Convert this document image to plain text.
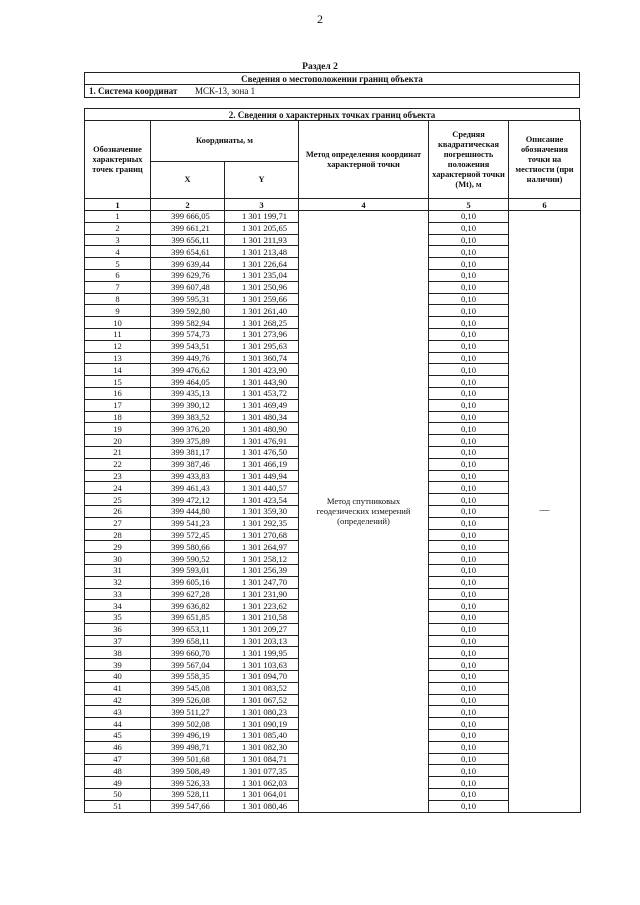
2
Раздел 2
Сведения о местоположении границ объекта
1. Система координат МСК-13, зона 1
2. Сведения о характерных точках границ объекта
Обозначение характерных точек границ	Координаты, м		Метод определения координат характерной точки	Средняя квадратическая погрешность положения характерной точки (Mt), м	Описание обозначения точки на местности (при наличии)
	X	Y			
1	2	3	4	5	6
1	399 666,05	1 301 199,71	Метод спутниковых геодезических измерений (определений)	0,10	—
2	399 661,21	1 301 205,65		0,10	
3	399 656,11	1 301 211,93		0,10	
4	399 654,61	1 301 213,48		0,10	
5	399 639,44	1 301 226,64		0,10	
6	399 629,76	1 301 235,04		0,10	
7	399 607,48	1 301 250,96		0,10	
8	399 595,31	1 301 259,66		0,10	
9	399 592,80	1 301 261,40		0,10	
10	399 582,94	1 301 268,25		0,10	
11	399 574,73	1 301 273,96		0,10	
12	399 543,51	1 301 295,63		0,10	
13	399 449,76	1 301 360,74		0,10	
14	399 476,62	1 301 423,90		0,10	
15	399 464,05	1 301 443,90		0,10	
16	399 435,13	1 301 453,72		0,10	
17	399 390,12	1 301 469,49		0,10	
18	399 383,52	1 301 480,34		0,10	
19	399 376,20	1 301 480,90		0,10	
20	399 375,89	1 301 476,91		0,10	
21	399 381,17	1 301 476,50		0,10	
22	399 387,46	1 301 466,19		0,10	
23	399 433,83	1 301 449,94		0,10	
24	399 461,43	1 301 440,57		0,10	
25	399 472,12	1 301 423,54		0,10	
26	399 444,80	1 301 359,30		0,10	
27	399 541,23	1 301 292,35		0,10	
28	399 572,45	1 301 270,68		0,10	
29	399 580,66	1 301 264,97		0,10	
30	399 590,52	1 301 258,12		0,10	
31	399 593,01	1 301 256,39		0,10	
32	399 605,16	1 301 247,70		0,10	
33	399 627,28	1 301 231,90		0,10	
34	399 636,82	1 301 223,62		0,10	
35	399 651,85	1 301 210,58		0,10	
36	399 653,11	1 301 209,27		0,10	
37	399 658,11	1 301 203,13		0,10	
38	399 660,70	1 301 199,95		0,10	
39	399 567,04	1 301 103,63		0,10	
40	399 558,35	1 301 094,70		0,10	
41	399 545,08	1 301 083,52		0,10	
42	399 526,08	1 301 067,52		0,10	
43	399 511,27	1 301 080,23		0,10	
44	399 502,08	1 301 090,19		0,10	
45	399 496,19	1 301 085,40		0,10	
46	399 498,71	1 301 082,30		0,10	
47	399 501,68	1 301 084,71		0,10	
48	399 508,49	1 301 077,35		0,10	
49	399 526,33	1 301 062,03		0,10	
50	399 528,11	1 301 064,01		0,10	
51	399 547,66	1 301 080,46		0,10	
